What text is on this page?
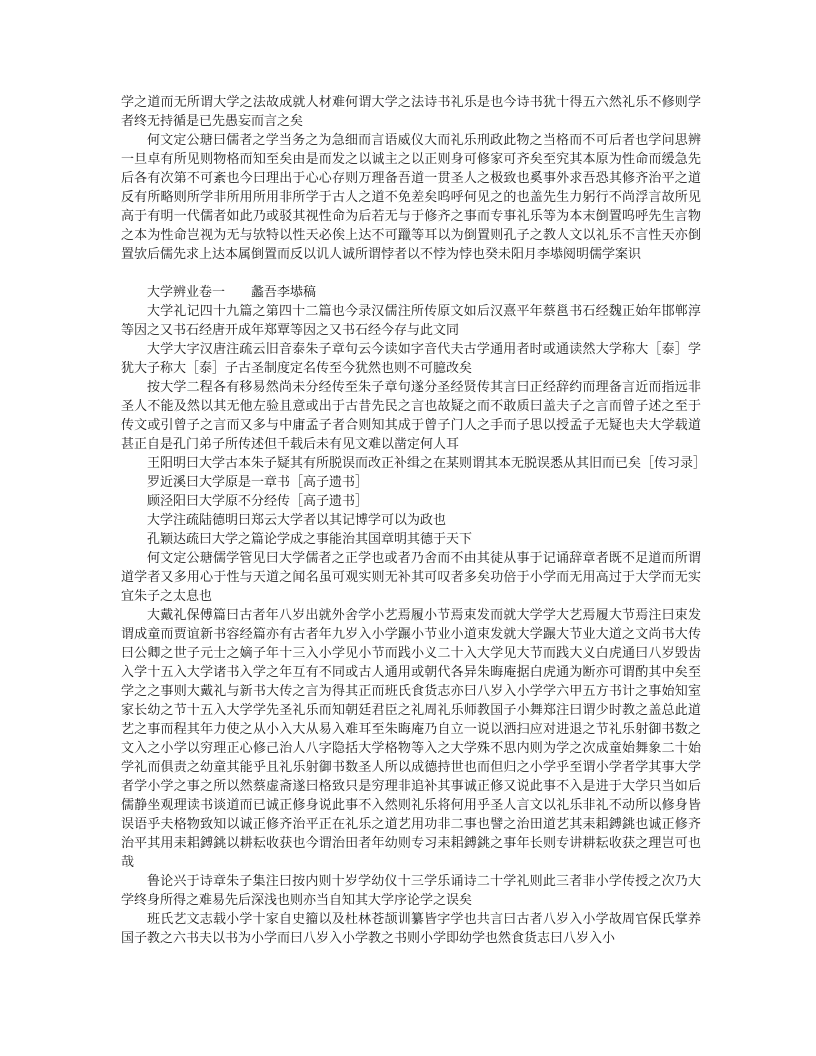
学之道而无所谓大学之法故成就人材难何谓大学之法诗书礼乐是也今诗书犹十得五六然礼乐不修则学者终无持循是已先愚妄而言之矣

何文定公瑭曰儒者之学当务之为急细而言语威仪大而礼乐刑政此物之当格而不可后者也学问思辨一旦卓有所见则物格而知至矣由是而发之以诚主之以正则身可修家可齐矣至究其本原为性命而缓急先后各有次第不可紊也今曰理出于心心存则万理备吾道一贯圣人之极致也奚事外求吾恐其修齐治平之道反有所略则所学非所用所用非所学于古人之道不免差矣呜呼何见之的也盖先生力躬行不尚浮言故所见高于有明一代儒者如此乃或驳其视性命为后若无与于修齐之事而专事礼乐等为本末倒置呜呼先生言物之本为性命岂视为无与欤特以性天必俟上达不可躐等耳以为倒置则孔子之教人文以礼乐不言性天亦倒置欤后儒先求上达本属倒置而反以讥人诚所谓悖者以不悖为悖也癸未阳月李塨阅明儒学案识

大学辨业卷一　　蠡吾李塨稿

大学礼记四十九篇之第四十二篇也今录汉儒注所传原文如后汉熹平年蔡邕书石经魏正始年邯郸淳等因之又书石经唐开成年郑覃等因之又书石经今存与此文同

大学大字汉唐注疏云旧音泰朱子章句云今读如字音代夫古学通用者时或通读然大学称大［泰］学犹大子称大［泰］子古圣制度定名传至今犹然也则不可臆改矣

按大学二程各有移易然尚未分经传至朱子章句遂分圣经贤传其言曰正经辞约而理备言近而指远非圣人不能及然以其无他左验且意或出于古昔先民之言也故疑之而不敢质曰盖夫子之言而曾子述之至于传文或引曾子之言而又多与中庸孟子者合则知其成于曾子门人之手而子思以授孟子无疑也夫大学载道甚正自是孔门弟子所传述但千载后未有见文难以凿定何人耳

王阳明曰大学古本朱子疑其有所脱误而改正补缉之在某则谓其本无脱误悉从其旧而已矣［传习录］

罗近溪曰大学原是一章书［高子遗书］

顾泾阳曰大学原不分经传［高子遗书］

大学注疏陆德明曰郑云大学者以其记博学可以为政也

孔颖达疏曰大学之篇论学成之事能治其国章明其德于天下

何文定公瑭儒学管见曰大学儒者之正学也或者乃舍而不由其徒从事于记诵辞章者既不足道而所谓道学者又多用心于性与天道之闻名虽可观实则无补其可叹者多矣功倍于小学而无用高过于大学而无实宜朱子之太息也

大戴礼保傅篇曰古者年八岁出就外舍学小艺焉履小节焉束发而就大学学大艺焉履大节焉注曰束发谓成童而贾谊新书容经篇亦有古者年九岁入小学蹍小节业小道束发就大学蹍大节业大道之文尚书大传曰公卿之世子元士之嫡子年十三入小学见小节而践小义二十入大学见大节而践大义白虎通曰八岁毁齿入学十五入大学诸书入学之年互有不同或古人通用或朝代各异朱晦庵据白虎通为断亦可谓酌其中矣至学之之事则大戴礼与新书大传之言为得其正而班氏食货志亦曰八岁入小学学六甲五方书计之事始知室家长幼之节十五入大学学先圣礼乐而知朝廷君臣之礼周礼乐师教国子小舞郑注曰谓少时教之盖总此道艺之事而程其年力使之从小入大从易入难耳至朱晦庵乃自立一说以洒扫应对进退之节礼乐射御书数之文入之小学以穷理正心修己治人八字隐括大学格物等入之大学殊不思内则为学之次成童始舞象二十始学礼而俱责之幼童其能乎且礼乐射御书数圣人所以成德持世也而但归之小学乎至谓小学者学其事大学者学小学之事之所以然蔡虚斋遂曰格致只是穷理非追补其事诚正修又说此事不入是进于大学只当如后儒静坐观理读书谈道而已诚正修身说此事不入然则礼乐将何用乎圣人言文以礼乐非礼不动所以修身皆误语乎夫格物致知以诚正修齐治平正在礼乐之道艺用功非二事也譬之治田道艺其耒耜鎛銚也诚正修齐治平其用耒耜鎛銚以耕耘收获也今谓治田者年幼则专习耒耜鎛銚之事年长则专讲耕耘收获之理岂可也哉

鲁论兴于诗章朱子集注曰按内则十岁学幼仪十三学乐诵诗二十学礼则此三者非小学传授之次乃大学终身所得之难易先后深浅也则亦当自知其大学序论学之误矣

班氏艺文志载小学十家自史籀以及杜林苍颉训纂皆字学也共言曰古者八岁入小学故周官保氏掌养国子教之六书夫以书为小学而曰八岁入小学教之书则小学即幼学也然食货志曰八岁入小
